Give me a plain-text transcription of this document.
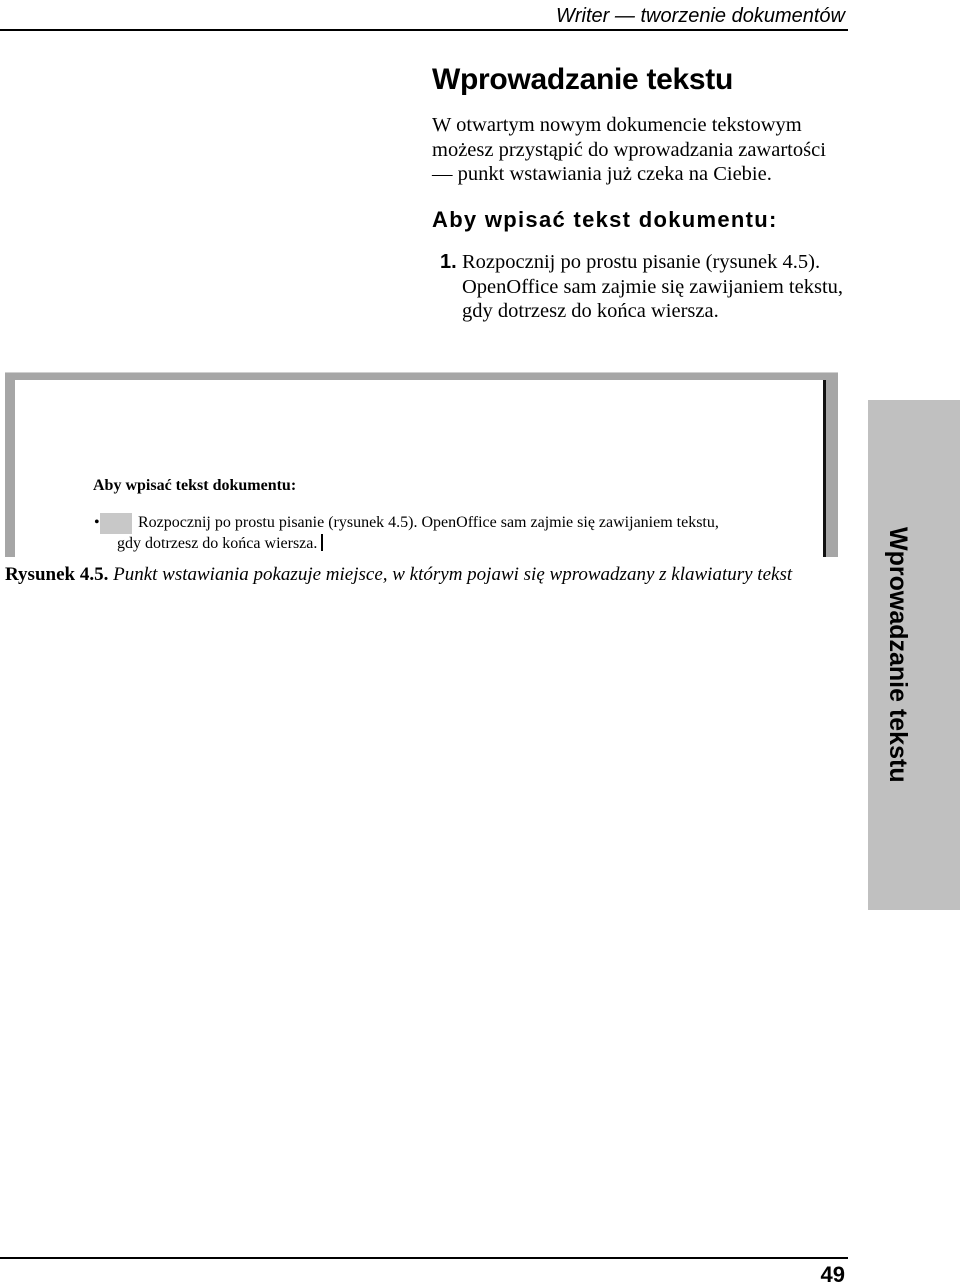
Writer — tworzenie dokumentów
Wprowadzanie tekstu
W otwartym nowym dokumencie tekstowym
możesz przystąpić do wprowadzania zawartości
— punkt wstawiania już czeka na Ciebie.
Aby wpisać tekst dokumentu:
1. Rozpocznij po prostu pisanie (rysunek 4.5).
OpenOffice sam zajmie się zawijaniem tekstu,
gdy dotrzesz do końca wiersza.
Aby wpisać tekst dokumentu:
• Rozpocznij po prostu pisanie (rysunek 4.5). OpenOffice sam zajmie się zawijaniem tekstu,
gdy dotrzesz do końca wiersza.
Rysunek 4.5. Punkt wstawiania pokazuje miejsce, w którym pojawi się wprowadzany z klawiatury tekst	Wprowadzanie tekstu
49
